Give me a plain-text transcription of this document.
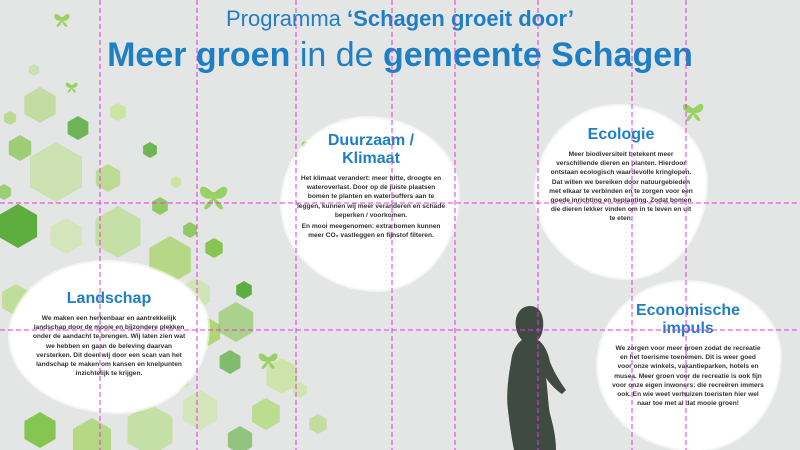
Programma ‘Schagen groeit door’
Meer groen in de gemeente Schagen
Duurzaam /
Klimaat

Het klimaat verandert: meer hitte, droogte en wateroverlast. Door op de juiste plaatsen bomen te planten en waterbuffers aan te leggen, kunnen wij meer veranderen en schade beperken / voorkomen.

En mooi meegenomen: extra bomen kunnen meer CO₂ vastleggen en fijnstof filteren.

Ecologie

Meer biodiversiteit betekent meer verschillende dieren en planten. Hierdoor ontstaan ecologisch waardevolle kringlopen. Dat willen we bereiken door natuurgebieden met elkaar te verbinden en te zorgen voor een goede inrichting en beplanting. Zodat bomen die dieren lekker vinden om in te leven en uit te eten.

Landschap

We maken een herkenbaar en aantrekkelijk landschap door de mooie en bijzondere plekken onder de aandacht te brengen. Wij laten zien wat we hebben en gaan de beleving daarvan versterken. Dit doen wij door een scan van het landschap te maken om kansen en knelpunten inzichtelijk te krijgen.

Economische
impuls

We zorgen voor meer groen zodat de recreatie en het toerisme toenemen. Dit is weer goed voor onze winkels, vakantieparken, hotels en musea. Meer groen voor de recreatie is ook fijn voor onze eigen inwoners: die recreëren immers ook. En wie weet verhuizen toeristen hier wel naar toe met al dat mooie groen!
